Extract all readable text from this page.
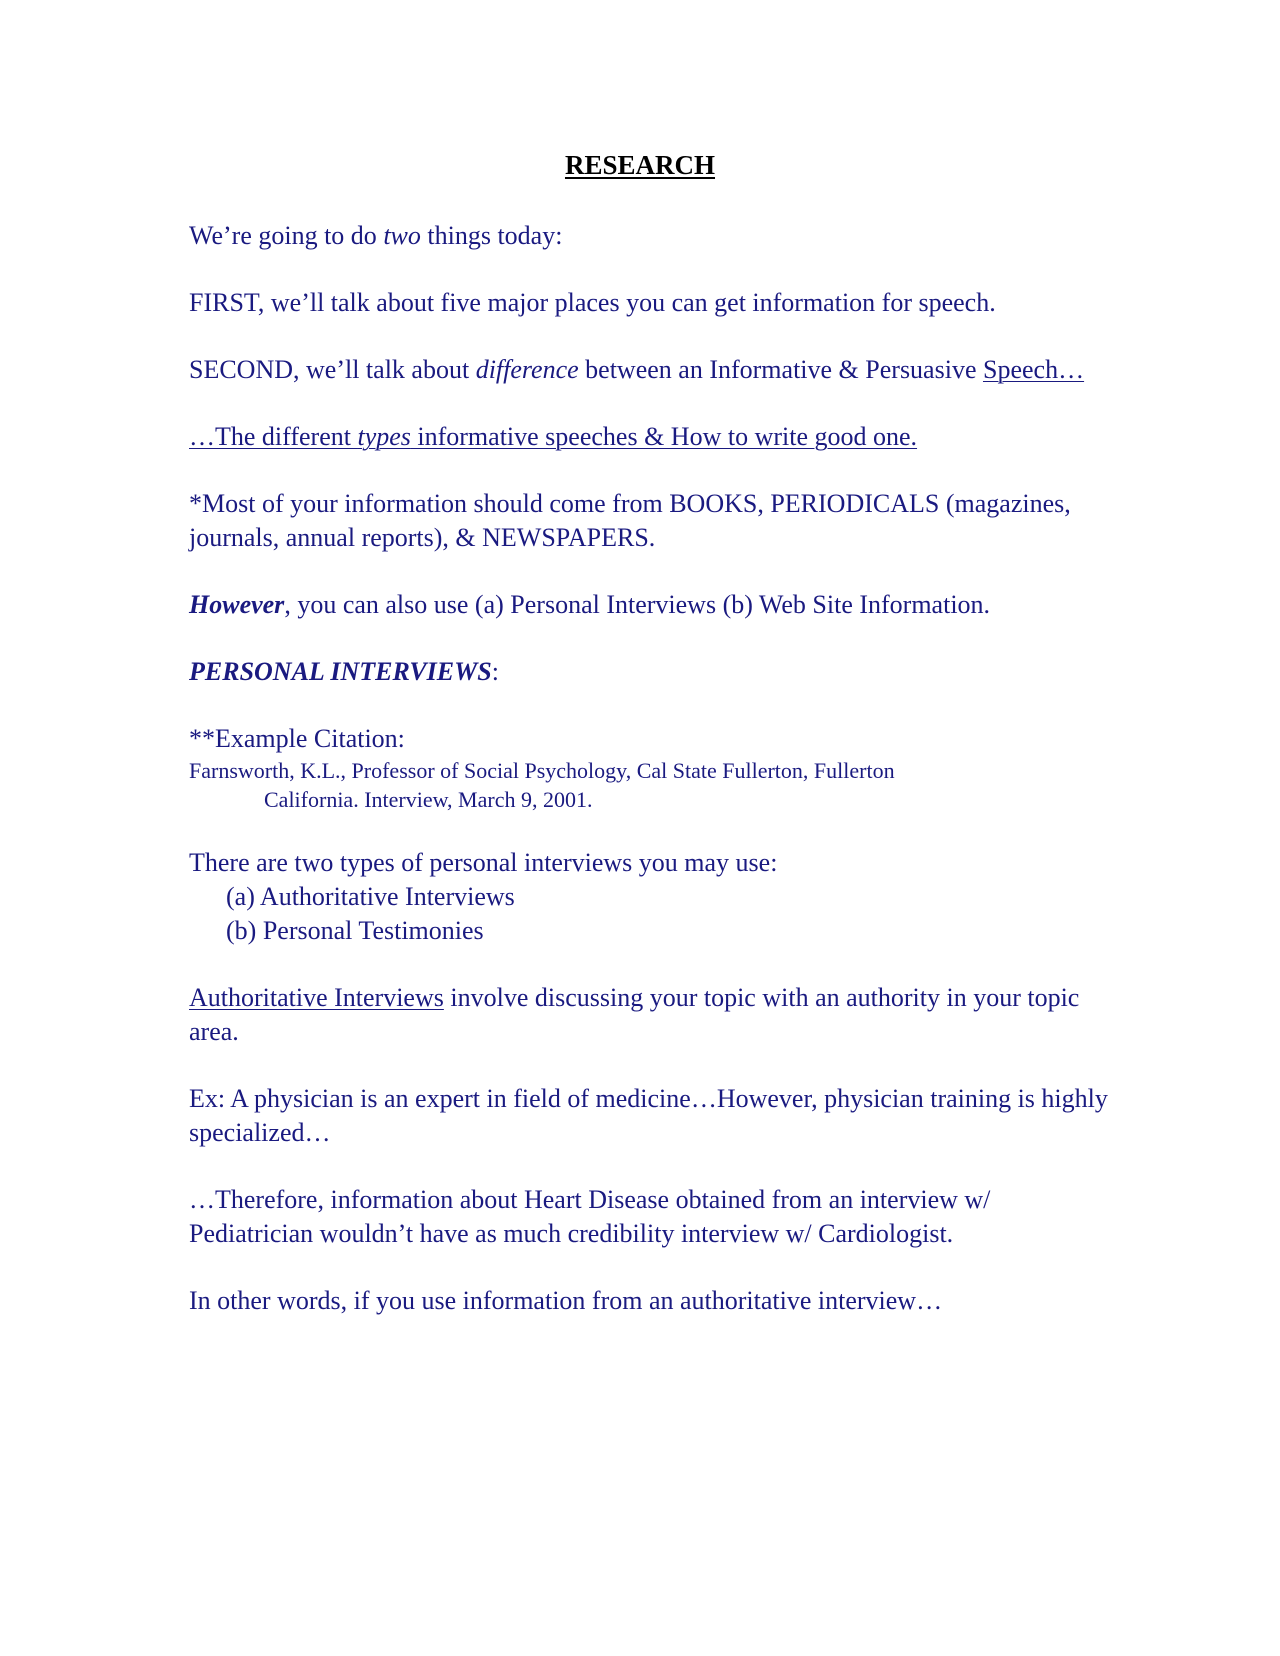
RESEARCH

We’re going to do two things today:

FIRST, we’ll talk about five major places you can get information for speech.

SECOND, we’ll talk about difference between an Informative & Persuasive Speech…

…The different types informative speeches & How to write good one.

*Most of your information should come from BOOKS, PERIODICALS (magazines, journals, annual reports), & NEWSPAPERS.

However, you can also use (a) Personal Interviews (b) Web Site Information.

PERSONAL INTERVIEWS:

**Example Citation:

Farnsworth, K.L., Professor of Social Psychology, Cal State Fullerton, Fullerton
California. Interview, March 9, 2001.
There are two types of personal interviews you may use:
(a) Authoritative Interviews
(b) Personal Testimonies

Authoritative Interviews involve discussing your topic with an authority in your topic area.

Ex: A physician is an expert in field of medicine…However, physician training is highly specialized…

…Therefore, information about Heart Disease obtained from an interview w/ Pediatrician wouldn’t have as much credibility interview w/ Cardiologist.

In other words, if you use information from an authoritative interview…
